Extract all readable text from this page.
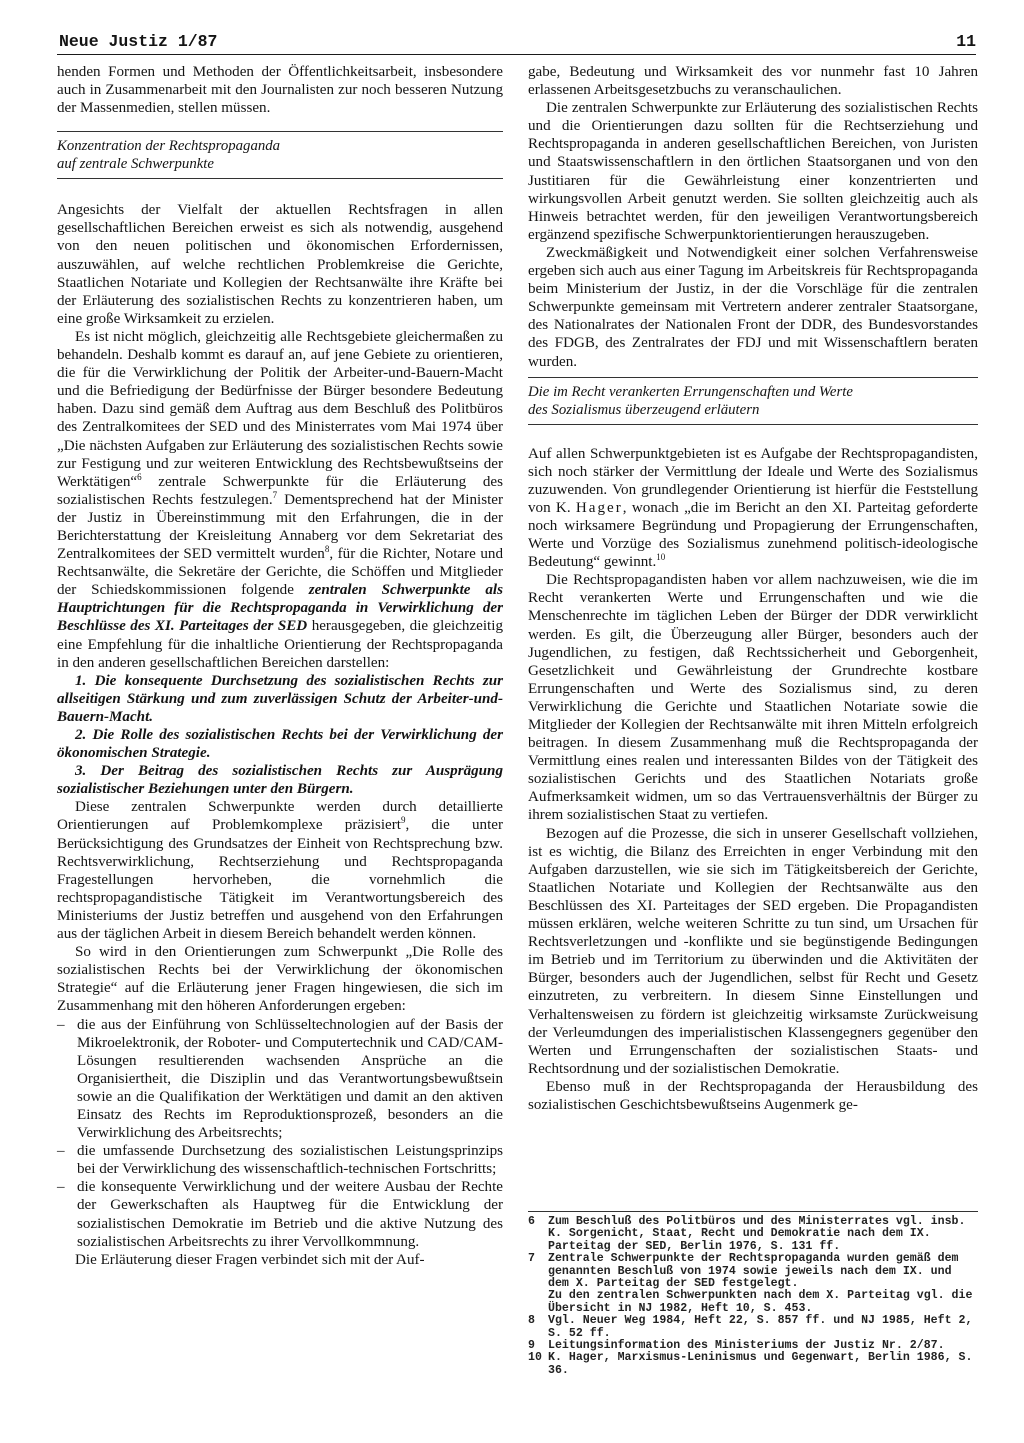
Neue Justiz 1/87	11

henden Formen und Methoden der Öffentlichkeitsarbeit, insbesondere auch in Zusammenarbeit mit den Journalisten zur noch besseren Nutzung der Massenmedien, stellen müssen.

Konzentration der Rechtspropaganda
auf zentrale Schwerpunkte

Angesichts der Vielfalt der aktuellen Rechtsfragen in allen gesellschaftlichen Bereichen erweist es sich als notwendig, ausgehend von den neuen politischen und ökonomischen Erfordernissen, auszuwählen, auf welche rechtlichen Problemkreise die Gerichte, Staatlichen Notariate und Kollegien der Rechtsanwälte ihre Kräfte bei der Erläuterung des sozialistischen Rechts zu konzentrieren haben, um eine große Wirksamkeit zu erzielen.

Es ist nicht möglich, gleichzeitig alle Rechtsgebiete gleichermaßen zu behandeln. Deshalb kommt es darauf an, auf jene Gebiete zu orientieren, die für die Verwirklichung der Politik der Arbeiter-und-Bauern-Macht und die Befriedigung der Bedürfnisse der Bürger besondere Bedeutung haben. Dazu sind gemäß dem Auftrag aus dem Beschluß des Politbüros des Zentralkomitees der SED und des Ministerrates vom Mai 1974 über „Die nächsten Aufgaben zur Erläuterung des sozialistischen Rechts sowie zur Festigung und zur weiteren Entwicklung des Rechtsbewußtseins der Werktätigen“$^6$ zentrale Schwerpunkte für die Erläuterung des sozialistischen Rechts festzulegen.$^7$ Dementsprechend hat der Minister der Justiz in Übereinstimmung mit den Erfahrungen, die in der Berichterstattung der Kreisleitung Annaberg vor dem Sekretariat des Zentralkomitees der SED vermittelt wurden$^8$, für die Richter, Notare und Rechtsanwälte, die Sekretäre der Gerichte, die Schöffen und Mitglieder der Schiedskommissionen folgende zentralen Schwerpunkte als Hauptrichtungen für die Rechtspropaganda in Verwirklichung der Beschlüsse des XI. Parteitages der SED herausgegeben, die gleichzeitig eine Empfehlung für die inhaltliche Orientierung der Rechtspropaganda in den anderen gesellschaftlichen Bereichen darstellen:

1. Die konsequente Durchsetzung des sozialistischen Rechts zur allseitigen Stärkung und zum zuverlässigen Schutz der Arbeiter-und-Bauern-Macht.

2. Die Rolle des sozialistischen Rechts bei der Verwirklichung der ökonomischen Strategie.

3. Der Beitrag des sozialistischen Rechts zur Ausprägung sozialistischer Beziehungen unter den Bürgern.

Diese zentralen Schwerpunkte werden durch detaillierte Orientierungen auf Problemkomplexe präzisiert$^9$, die unter Berücksichtigung des Grundsatzes der Einheit von Rechtsprechung bzw. Rechtsverwirklichung, Rechtserziehung und Rechtspropaganda Fragestellungen hervorheben, die vornehmlich die rechtspropagandistische Tätigkeit im Verantwortungsbereich des Ministeriums der Justiz betreffen und ausgehend von den Erfahrungen aus der täglichen Arbeit in diesem Bereich behandelt werden können.

So wird in den Orientierungen zum Schwerpunkt „Die Rolle des sozialistischen Rechts bei der Verwirklichung der ökonomischen Strategie“ auf die Erläuterung jener Fragen hingewiesen, die sich im Zusammenhang mit den höheren Anforderungen ergeben:

– die aus der Einführung von Schlüsseltechnologien auf der Basis der Mikroelektronik, der Roboter- und Computertechnik und CAD/CAM-Lösungen resultierenden wachsenden Ansprüche an die Organisiertheit, die Disziplin und das Verantwortungsbewußtsein sowie an die Qualifikation der Werktätigen und damit an den aktiven Einsatz des Rechts im Reproduktionsprozeß, besonders an die Verwirklichung des Arbeitsrechts;
– die umfassende Durchsetzung des sozialistischen Leistungsprinzips bei der Verwirklichung des wissenschaftlich-technischen Fortschritts;
– die konsequente Verwirklichung und der weitere Ausbau der Rechte der Gewerkschaften als Hauptweg für die Entwicklung der sozialistischen Demokratie im Betrieb und die aktive Nutzung des sozialistischen Arbeitsrechts zu ihrer Vervollkommnung.

Die Erläuterung dieser Fragen verbindet sich mit der Auf-

gabe, Bedeutung und Wirksamkeit des vor nunmehr fast 10 Jahren erlassenen Arbeitsgesetzbuchs zu veranschaulichen.

Die zentralen Schwerpunkte zur Erläuterung des sozialistischen Rechts und die Orientierungen dazu sollten für die Rechtserziehung und Rechtspropaganda in anderen gesellschaftlichen Bereichen, von Juristen und Staatswissenschaftlern in den örtlichen Staatsorganen und von den Justitiaren für die Gewährleistung einer konzentrierten und wirkungsvollen Arbeit genutzt werden. Sie sollten gleichzeitig auch als Hinweis betrachtet werden, für den jeweiligen Verantwortungsbereich ergänzend spezifische Schwerpunktorientierungen herauszugeben.

Zweckmäßigkeit und Notwendigkeit einer solchen Verfahrensweise ergeben sich auch aus einer Tagung im Arbeitskreis für Rechtspropaganda beim Ministerium der Justiz, in der die Vorschläge für die zentralen Schwerpunkte gemeinsam mit Vertretern anderer zentraler Staatsorgane, des Nationalrates der Nationalen Front der DDR, des Bundesvorstandes des FDGB, des Zentralrates der FDJ und mit Wissenschaftlern beraten wurden.

Die im Recht verankerten Errungenschaften und Werte
des Sozialismus überzeugend erläutern

Auf allen Schwerpunktgebieten ist es Aufgabe der Rechtspropagandisten, sich noch stärker der Vermittlung der Ideale und Werte des Sozialismus zuzuwenden. Von grundlegender Orientierung ist hierfür die Feststellung von K. Hager, wonach „die im Bericht an den XI. Parteitag geforderte noch wirksamere Begründung und Propagierung der Errungenschaften, Werte und Vorzüge des Sozialismus zunehmend politisch-ideologische Bedeutung“ gewinnt.$^{10}$

Die Rechtspropagandisten haben vor allem nachzuweisen, wie die im Recht verankerten Werte und Errungenschaften und wie die Menschenrechte im täglichen Leben der Bürger der DDR verwirklicht werden. Es gilt, die Überzeugung aller Bürger, besonders auch der Jugendlichen, zu festigen, daß Rechtssicherheit und Geborgenheit, Gesetzlichkeit und Gewährleistung der Grundrechte kostbare Errungenschaften und Werte des Sozialismus sind, zu deren Verwirklichung die Gerichte und Staatlichen Notariate sowie die Mitglieder der Kollegien der Rechtsanwälte mit ihren Mitteln erfolgreich beitragen. In diesem Zusammenhang muß die Rechtspropaganda der Vermittlung eines realen und interessanten Bildes von der Tätigkeit des sozialistischen Gerichts und des Staatlichen Notariats große Aufmerksamkeit widmen, um so das Vertrauensverhältnis der Bürger zu ihrem sozialistischen Staat zu vertiefen.

Bezogen auf die Prozesse, die sich in unserer Gesellschaft vollziehen, ist es wichtig, die Bilanz des Erreichten in enger Verbindung mit den Aufgaben darzustellen, wie sie sich im Tätigkeitsbereich der Gerichte, Staatlichen Notariate und Kollegien der Rechtsanwälte aus den Beschlüssen des XI. Parteitages der SED ergeben. Die Propagandisten müssen erklären, welche weiteren Schritte zu tun sind, um Ursachen für Rechtsverletzungen und -konflikte und sie begünstigende Bedingungen im Betrieb und im Territorium zu überwinden und die Aktivitäten der Bürger, besonders auch der Jugendlichen, selbst für Recht und Gesetz einzutreten, zu verbreitern. In diesem Sinne Einstellungen und Verhaltensweisen zu fördern ist gleichzeitig wirksamste Zurückweisung der Verleumdungen des imperialistischen Klassengegners gegenüber den Werten und Errungenschaften der sozialistischen Staats- und Rechtsordnung und der sozialistischen Demokratie.

Ebenso muß in der Rechtspropaganda der Herausbildung des sozialistischen Geschichtsbewußtseins Augenmerk ge-

6 Zum Beschluß des Politbüros und des Ministerrates vgl. insb. K. Sorgenicht, Staat, Recht und Demokratie nach dem IX. Parteitag der SED, Berlin 1976, S. 131 ff.
7 Zentrale Schwerpunkte der Rechtspropaganda wurden gemäß dem genannten Beschluß von 1974 sowie jeweils nach dem IX. und dem X. Parteitag der SED festgelegt.
Zu den zentralen Schwerpunkten nach dem X. Parteitag vgl. die Übersicht in NJ 1982, Heft 10, S. 453.
8 Vgl. Neuer Weg 1984, Heft 22, S. 857 ff. und NJ 1985, Heft 2, S. 52 ff.
9 Leitungsinformation des Ministeriums der Justiz Nr. 2/87.
10 K. Hager, Marxismus-Leninismus und Gegenwart, Berlin 1986, S. 36.
